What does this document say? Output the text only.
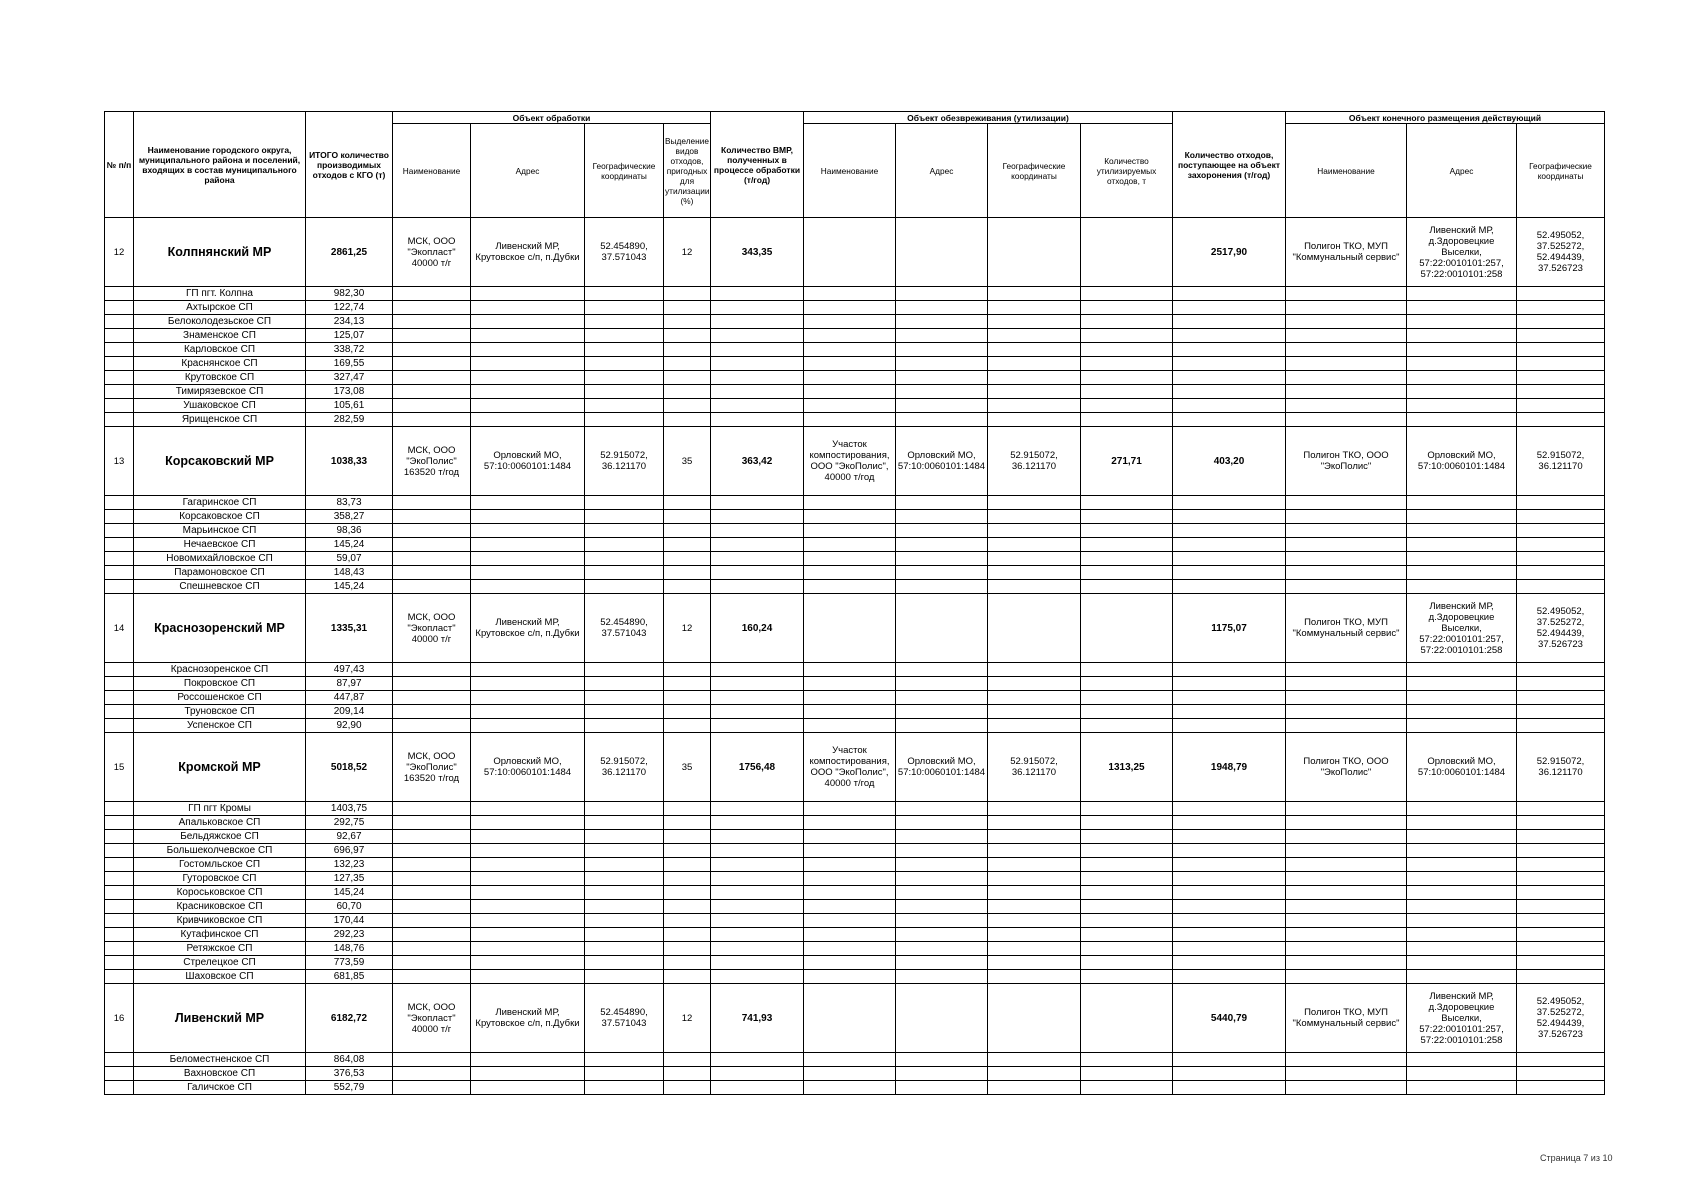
№ п/п	Наименование городского округа, муниципального района и поселений, входящих в состав муниципального района	ИТОГО количество производимых отходов с КГО (т)	Объект обработки				Количество ВМР, полученных в процессе обработки (т/год)	Объект обезвреживания (утилизации)				Количество отходов, поступающее на объект захоронения (т/год)	Объект конечного размещения действующий		
			Наименование	Адрес	Географические координаты	Выделение видов отходов, пригодных для утилизации (%)		Наименование	Адрес	Географические координаты	Количество утилизируемых отходов, т		Наименование	Адрес	Географические координаты
12	Колпнянский МР	2861,25	МСК, ООО "Экопласт" 40000 т/г	Ливенский МР, Крутовское с/п, п.Дубки	52.454890, 37.571043	12	343,35					2517,90	Полигон ТКО, МУП "Коммунальный сервис"	Ливенский МР, д.Здоровецкие Выселки, 57:22:0010101:257, 57:22:0010101:258	52.495052, 37.525272, 52.494439, 37.526723
	ГП пгт. Колпна	982,30													
	Ахтырское СП	122,74													
	Белоколодезьское СП	234,13													
	Знаменское СП	125,07													
	Карловское СП	338,72													
	Краснянское СП	169,55													
	Крутовское СП	327,47													
	Тимирязевское СП	173,08													
	Ушаковское СП	105,61													
	Ярищенское СП	282,59													
13	Корсаковский МР	1038,33	МСК, ООО "ЭкоПолис" 163520 т/год	Орловский МО, 57:10:0060101:1484	52.915072, 36.121170	35	363,42	Участок компостирования, ООО "ЭкоПолис", 40000 т/год	Орловский МО, 57:10:0060101:1484	52.915072, 36.121170	271,71	403,20	Полигон ТКО, ООО "ЭкоПолис"	Орловский МО, 57:10:0060101:1484	52.915072, 36.121170
	Гагаринское СП	83,73													
	Корсаковское СП	358,27													
	Марьинское СП	98,36													
	Нечаевское СП	145,24													
	Новомихайловское СП	59,07													
	Парамоновское СП	148,43													
	Спешневское СП	145,24													
14	Краснозоренский МР	1335,31	МСК, ООО "Экопласт" 40000 т/г	Ливенский МР, Крутовское с/п, п.Дубки	52.454890, 37.571043	12	160,24					1175,07	Полигон ТКО, МУП "Коммунальный сервис"	Ливенский МР, д.Здоровецкие Выселки, 57:22:0010101:257, 57:22:0010101:258	52.495052, 37.525272, 52.494439, 37.526723
	Краснозоренское СП	497,43													
	Покровское СП	87,97													
	Россошенское СП	447,87													
	Труновское СП	209,14													
	Успенское СП	92,90													
15	Кромской МР	5018,52	МСК, ООО "ЭкоПолис" 163520 т/год	Орловский МО, 57:10:0060101:1484	52.915072, 36.121170	35	1756,48	Участок компостирования, ООО "ЭкоПолис", 40000 т/год	Орловский МО, 57:10:0060101:1484	52.915072, 36.121170	1313,25	1948,79	Полигон ТКО, ООО "ЭкоПолис"	Орловский МО, 57:10:0060101:1484	52.915072, 36.121170
	ГП пгт Кромы	1403,75													
	Апальковское СП	292,75													
	Бельдяжское СП	92,67													
	Большеколчевское СП	696,97													
	Гостомльское СП	132,23													
	Гуторовское СП	127,35													
	Короськовское СП	145,24													
	Красниковское СП	60,70													
	Кривчиковское СП	170,44													
	Кутафинское СП	292,23													
	Ретяжское СП	148,76													
	Стрелецкое СП	773,59													
	Шаховское СП	681,85													
16	Ливенский МР	6182,72	МСК, ООО "Экопласт" 40000 т/г	Ливенский МР, Крутовское с/п, п.Дубки	52.454890, 37.571043	12	741,93					5440,79	Полигон ТКО, МУП "Коммунальный сервис"	Ливенский МР, д.Здоровецкие Выселки, 57:22:0010101:257, 57:22:0010101:258	52.495052, 37.525272, 52.494439, 37.526723
	Беломестненское СП	864,08													
	Вахновское СП	376,53													
	Галичское СП	552,79													
Страница 7 из 10
